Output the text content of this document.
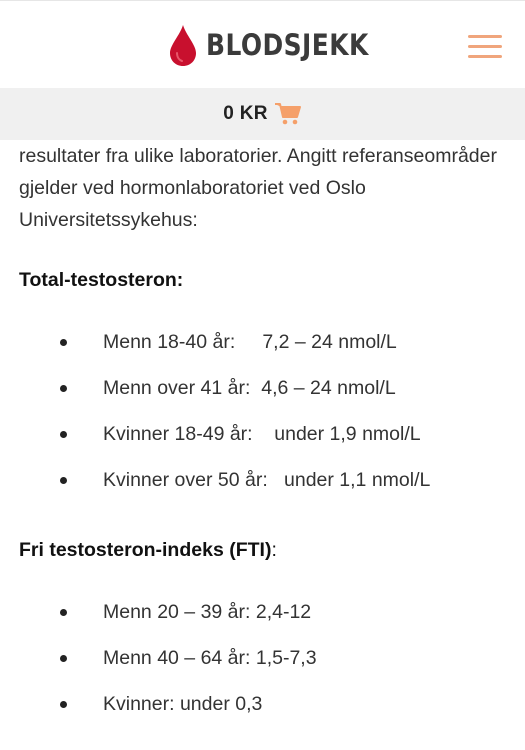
BLODSJEKK
0 KR

resultater fra ulike laboratorier. Angitt referanseområder gjelder ved hormonlaboratoriet ved Oslo Universitetssykehus:

Total-testosteron:

Menn 18-40 år:     7,2 – 24 nmol/L
Menn over 41 år:  4,6 – 24 nmol/L
Kvinner 18-49 år:    under 1,9 nmol/L
Kvinner over 50 år:   under 1,1 nmol/L

Fri testosteron-indeks (FTI):

Menn 20 – 39 år: 2,4-12
Menn 40 – 64 år: 1,5-7,3
Kvinner: under 0,3
